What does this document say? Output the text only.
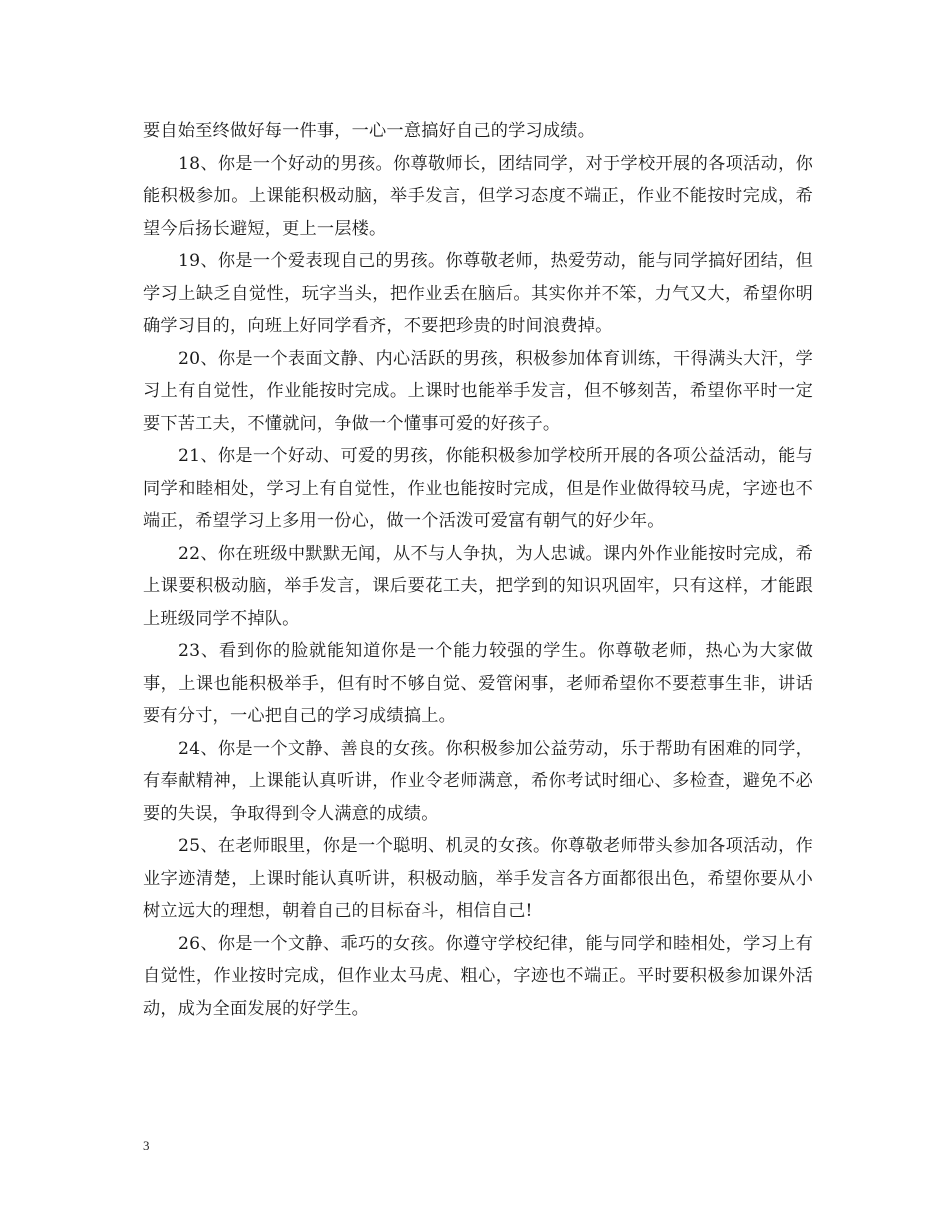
要自始至终做好每一件事，一心一意搞好自己的学习成绩。

18、你是一个好动的男孩。你尊敬师长，团结同学，对于学校开展的各项活动，你能积极参加。上课能积极动脑，举手发言，但学习态度不端正，作业不能按时完成，希望今后扬长避短，更上一层楼。

19、你是一个爱表现自己的男孩。你尊敬老师，热爱劳动，能与同学搞好团结，但学习上缺乏自觉性，玩字当头，把作业丢在脑后。其实你并不笨，力气又大，希望你明确学习目的，向班上好同学看齐，不要把珍贵的时间浪费掉。

20、你是一个表面文静、内心活跃的男孩，积极参加体育训练，干得满头大汗，学习上有自觉性，作业能按时完成。上课时也能举手发言，但不够刻苦，希望你平时一定要下苦工夫，不懂就问，争做一个懂事可爱的好孩子。

21、你是一个好动、可爱的男孩，你能积极参加学校所开展的各项公益活动，能与同学和睦相处，学习上有自觉性，作业也能按时完成，但是作业做得较马虎，字迹也不端正，希望学习上多用一份心，做一个活泼可爱富有朝气的好少年。

22、你在班级中默默无闻，从不与人争执，为人忠诚。课内外作业能按时完成，希上课要积极动脑，举手发言，课后要花工夫，把学到的知识巩固牢，只有这样，才能跟上班级同学不掉队。

23、看到你的脸就能知道你是一个能力较强的学生。你尊敬老师，热心为大家做事，上课也能积极举手，但有时不够自觉、爱管闲事，老师希望你不要惹事生非，讲话要有分寸，一心把自己的学习成绩搞上。

24、你是一个文静、善良的女孩。你积极参加公益劳动，乐于帮助有困难的同学，有奉献精神，上课能认真听讲，作业令老师满意，希你考试时细心、多检查，避免不必要的失误，争取得到令人满意的成绩。

25、在老师眼里，你是一个聪明、机灵的女孩。你尊敬老师带头参加各项活动，作业字迹清楚，上课时能认真听讲，积极动脑，举手发言各方面都很出色，希望你要从小树立远大的理想，朝着自己的目标奋斗，相信自己!

26、你是一个文静、乖巧的女孩。你遵守学校纪律，能与同学和睦相处，学习上有自觉性，作业按时完成，但作业太马虎、粗心，字迹也不端正。平时要积极参加课外活动，成为全面发展的好学生。

3
